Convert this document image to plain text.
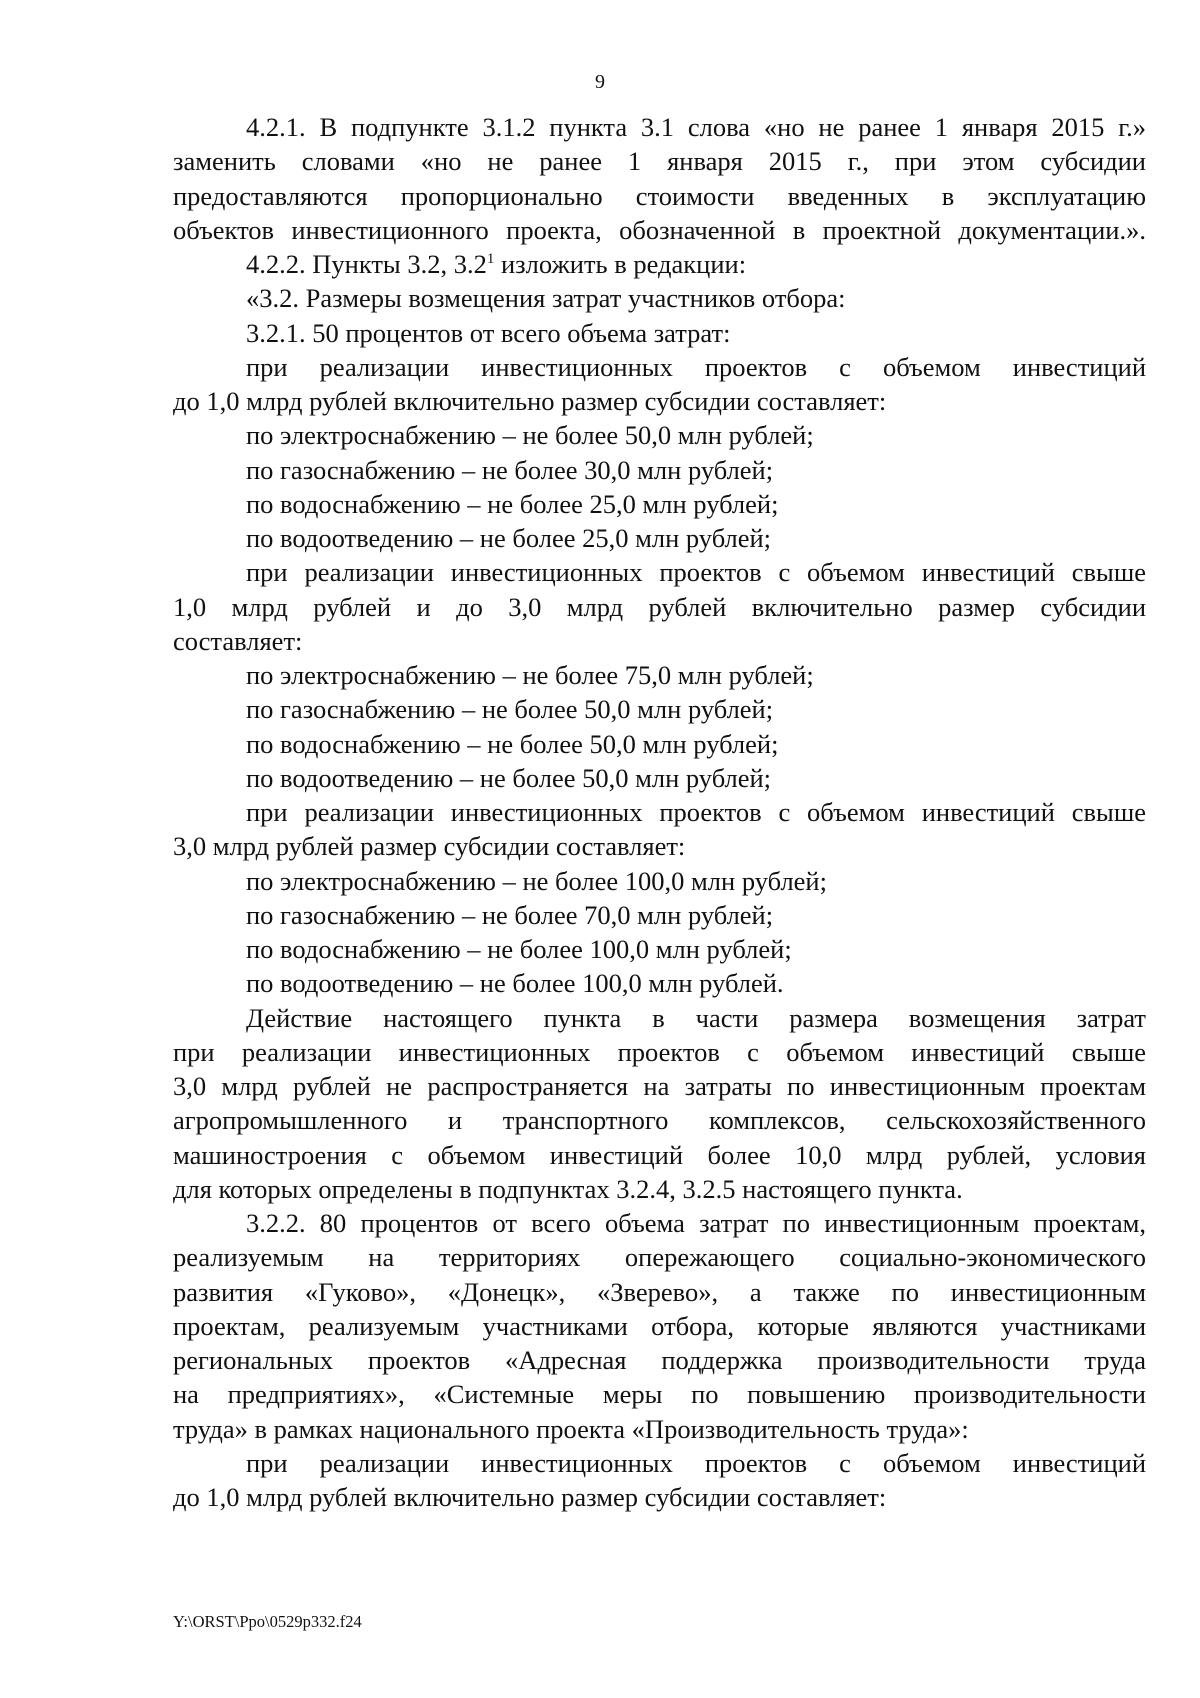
9
4.2.1. В подпункте 3.1.2 пункта 3.1 слова «но не ранее 1 января 2015 г.»
заменить словами «но не ранее 1 января 2015 г., при этом субсидии
предоставляются пропорционально стоимости введенных в эксплуатацию
объектов инвестиционного проекта, обозначенной в проектной документации.».
4.2.2. Пункты 3.2, $3.2^1$ изложить в редакции:
«3.2. Размеры возмещения затрат участников отбора:
3.2.1. 50 процентов от всего объема затрат:
при реализации инвестиционных проектов с объемом инвестиций
до 1,0 млрд рублей включительно размер субсидии составляет:
по электроснабжению – не более 50,0 млн рублей;
по газоснабжению – не более 30,0 млн рублей;
по водоснабжению – не более 25,0 млн рублей;
по водоотведению – не более 25,0 млн рублей;
при реализации инвестиционных проектов с объемом инвестиций свыше
1,0 млрд рублей и до 3,0 млрд рублей включительно размер субсидии
составляет:
по электроснабжению – не более 75,0 млн рублей;
по газоснабжению – не более 50,0 млн рублей;
по водоснабжению – не более 50,0 млн рублей;
по водоотведению – не более 50,0 млн рублей;
при реализации инвестиционных проектов с объемом инвестиций свыше
3,0 млрд рублей размер субсидии составляет:
по электроснабжению – не более 100,0 млн рублей;
по газоснабжению – не более 70,0 млн рублей;
по водоснабжению – не более 100,0 млн рублей;
по водоотведению – не более 100,0 млн рублей.
Действие настоящего пункта в части размера возмещения затрат
при реализации инвестиционных проектов с объемом инвестиций свыше
3,0 млрд рублей не распространяется на затраты по инвестиционным проектам
агропромышленного и транспортного комплексов, сельскохозяйственного
машиностроения с объемом инвестиций более 10,0 млрд рублей, условия
для которых определены в подпунктах 3.2.4, 3.2.5 настоящего пункта.
3.2.2. 80 процентов от всего объема затрат по инвестиционным проектам,
реализуемым на территориях опережающего социально-экономического
развития «Гуково», «Донецк», «Зверево», а также по инвестиционным
проектам, реализуемым участниками отбора, которые являются участниками
региональных проектов «Адресная поддержка производительности труда
на предприятиях», «Системные меры по повышению производительности
труда» в рамках национального проекта «Производительность труда»:
при реализации инвестиционных проектов с объемом инвестиций
до 1,0 млрд рублей включительно размер субсидии составляет:
Y:\ORST\Ppo\0529p332.f24
